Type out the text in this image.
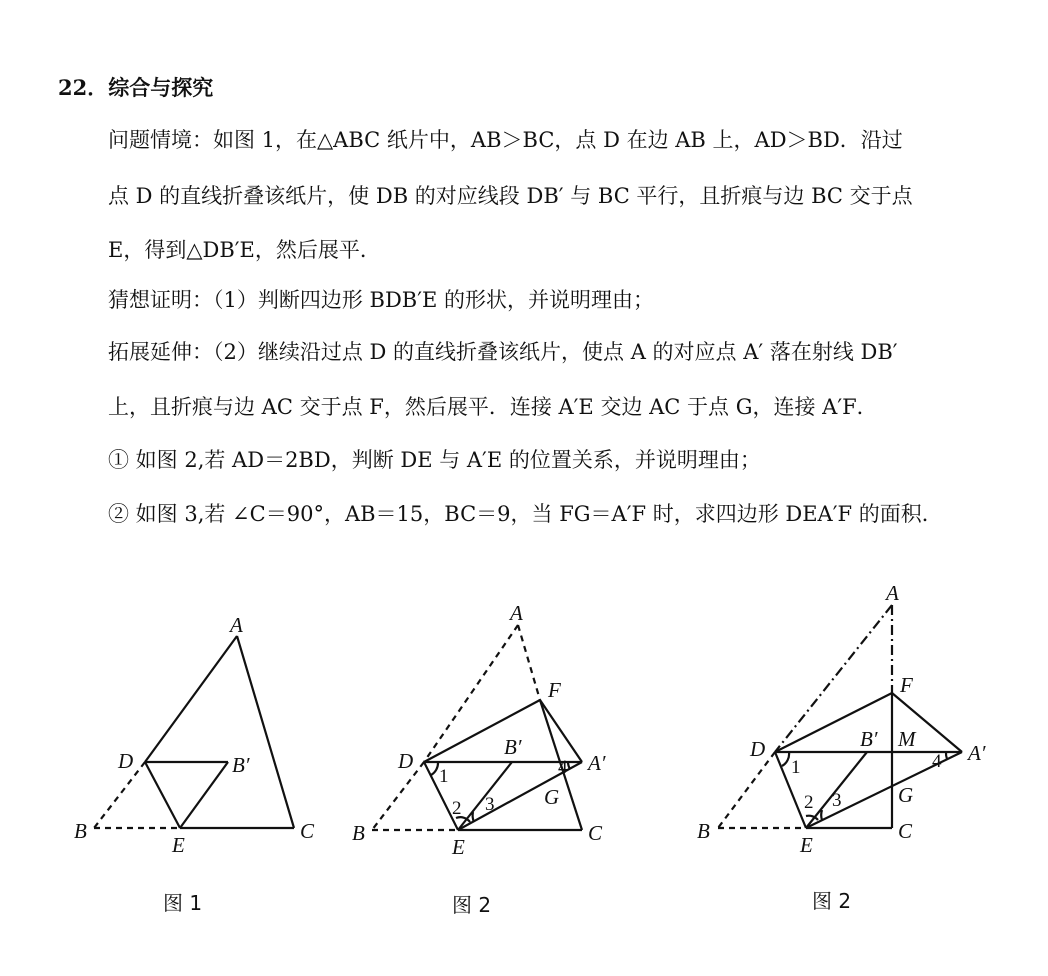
22．综合与探究
问题情境：如图 1，在△ABC 纸片中，AB＞BC，点 D 在边 AB 上，AD＞BD．沿过
点 D 的直线折叠该纸片，使 DB 的对应线段 DB′ 与 BC 平行，且折痕与边 BC 交于点
E，得到△DB′E，然后展平．
猜想证明：（1）判断四边形 BDB′E 的形状，并说明理由；
拓展延伸：（2）继续沿过点 D 的直线折叠该纸片，使点 A 的对应点 A′ 落在射线 DB′
上，且折痕与边 AC 交于点 F，然后展平．连接 A′E 交边 AC 于点 G，连接 A′F．
① 如图 2,若 AD＝2BD，判断 DE 与 A′E 的位置关系，并说明理由；
② 如图 3,若 ∠C＝90°，AB＝15，BC＝9，当 FG＝A′F 时，求四边形 DEA′F 的面积．
A
B	C
D
E
B′
图 1
A
F
D
B′
A′
G
B	C
E
1
2 3
4
图 2
A
F
D	B′ M
A′
G
B	C
E
1
2 3
4
图 2
